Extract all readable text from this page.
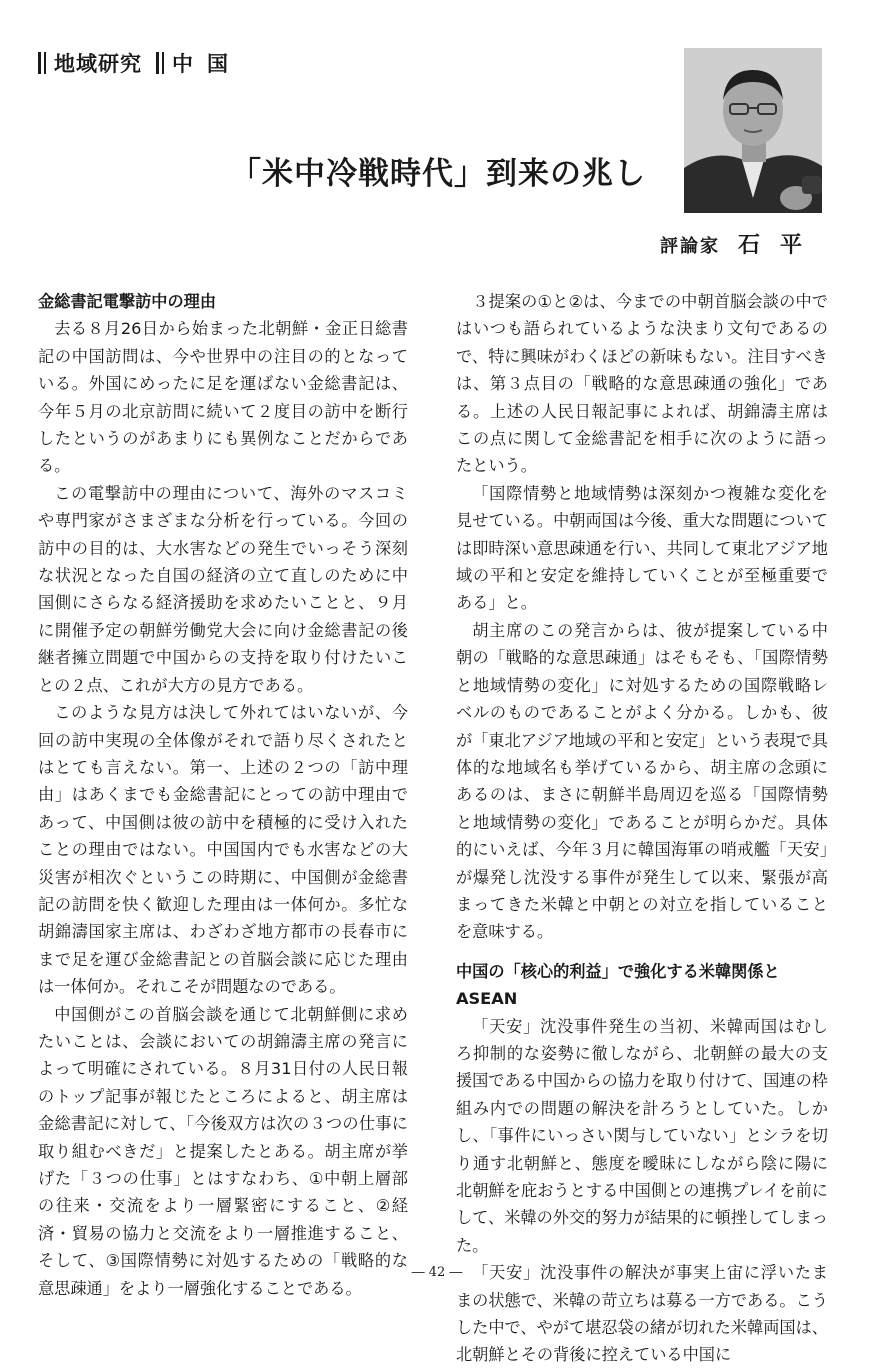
地域研究 中国
「米中冷戦時代」到来の兆し
評論家 石平
金総書記電撃訪中の理由

去る８月26日から始まった北朝鮮・金正日総書記の中国訪問は、今や世界中の注目の的となっている。外国にめったに足を運ばない金総書記は、今年５月の北京訪問に続いて２度目の訪中を断行したというのがあまりにも異例なことだからである。

この電撃訪中の理由について、海外のマスコミや専門家がさまざまな分析を行っている。今回の訪中の目的は、大水害などの発生でいっそう深刻な状況となった自国の経済の立て直しのために中国側にさらなる経済援助を求めたいことと、９月に開催予定の朝鮮労働党大会に向け金総書記の後継者擁立問題で中国からの支持を取り付けたいことの２点、これが大方の見方である。

このような見方は決して外れてはいないが、今回の訪中実現の全体像がそれで語り尽くされたとはとても言えない。第一、上述の２つの「訪中理由」はあくまでも金総書記にとっての訪中理由であって、中国側は彼の訪中を積極的に受け入れたことの理由ではない。中国国内でも水害などの大災害が相次ぐというこの時期に、中国側が金総書記の訪問を快く歓迎した理由は一体何か。多忙な胡錦濤国家主席は、わざわざ地方都市の長春市にまで足を運び金総書記との首脳会談に応じた理由は一体何か。それこそが問題なのである。

中国側がこの首脳会談を通じて北朝鮮側に求めたいことは、会談においての胡錦濤主席の発言によって明確にされている。８月31日付の人民日報のトップ記事が報じたところによると、胡主席は金総書記に対して、「今後双方は次の３つの仕事に取り組むべきだ」と提案したとある。胡主席が挙げた「３つの仕事」とはすなわち、①中朝上層部の往来・交流をより一層緊密にすること、②経済・貿易の協力と交流をより一層推進すること、そして、③国際情勢に対処するための「戦略的な意思疎通」をより一層強化することである。

３提案の①と②は、今までの中朝首脳会談の中ではいつも語られているような決まり文句であるので、特に興味がわくほどの新味もない。注目すべきは、第３点目の「戦略的な意思疎通の強化」である。上述の人民日報記事によれば、胡錦濤主席はこの点に関して金総書記を相手に次のように語ったという。

「国際情勢と地域情勢は深刻かつ複雑な変化を見せている。中朝両国は今後、重大な問題については即時深い意思疎通を行い、共同して東北アジア地域の平和と安定を維持していくことが至極重要である」と。

胡主席のこの発言からは、彼が提案している中朝の「戦略的な意思疎通」はそもそも、「国際情勢と地域情勢の変化」に対処するための国際戦略レベルのものであることがよく分かる。しかも、彼が「東北アジア地域の平和と安定」という表現で具体的な地域名も挙げているから、胡主席の念頭にあるのは、まさに朝鮮半島周辺を巡る「国際情勢と地域情勢の変化」であることが明らかだ。具体的にいえば、今年３月に韓国海軍の哨戒艦「天安」が爆発し沈没する事件が発生して以来、緊張が高まってきた米韓と中朝との対立を指していることを意味する。

中国の「核心的利益」で強化する米韓関係とASEAN

「天安」沈没事件発生の当初、米韓両国はむしろ抑制的な姿勢に徹しながら、北朝鮮の最大の支援国である中国からの協力を取り付けて、国連の枠組み内での問題の解決を計ろうとしていた。しかし、「事件にいっさい関与していない」とシラを切り通す北朝鮮と、態度を曖昧にしながら陰に陽に北朝鮮を庇おうとする中国側との連携プレイを前にして、米韓の外交的努力が結果的に頓挫してしまった。

「天安」沈没事件の解決が事実上宙に浮いたままの状態で、米韓の苛立ちは募る一方である。こうした中で、やがて堪忍袋の緒が切れた米韓両国は、北朝鮮とその背後に控えている中国に

― 42 ―
